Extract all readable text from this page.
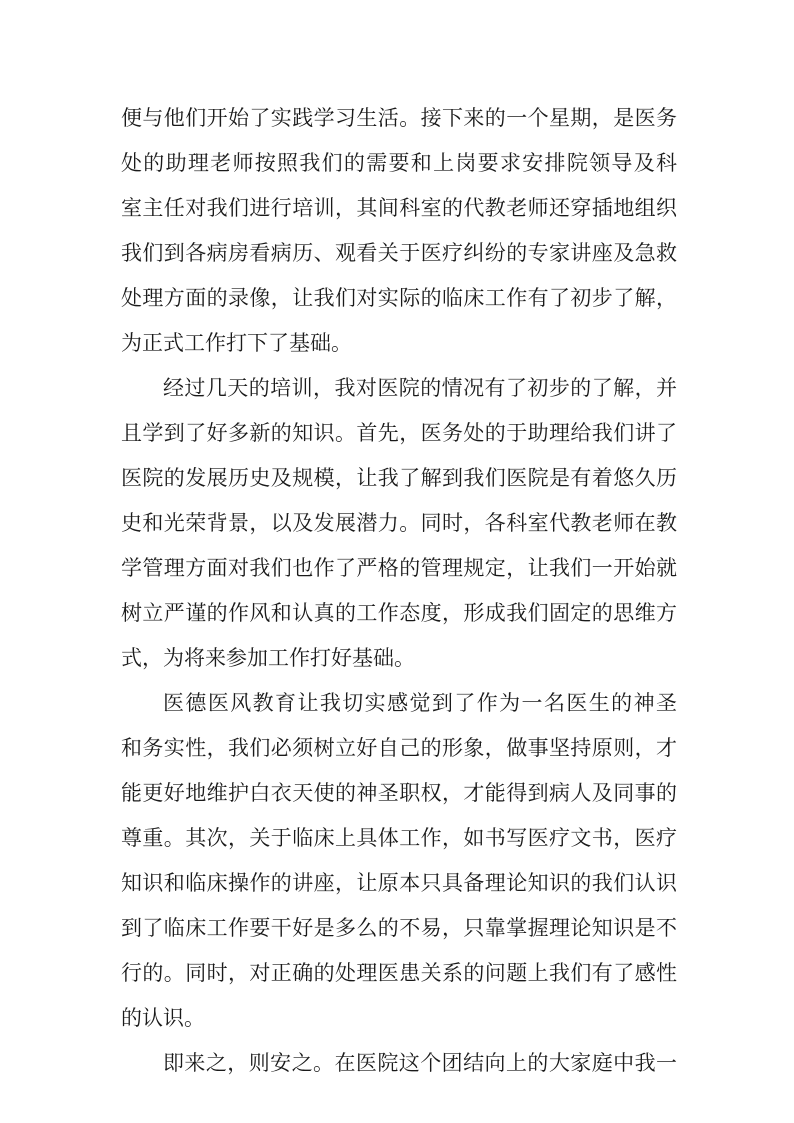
便与他们开始了实践学习生活。接下来的一个星期，是医务
处的助理老师按照我们的需要和上岗要求安排院领导及科
室主任对我们进行培训，其间科室的代教老师还穿插地组织
我们到各病房看病历、观看关于医疗纠纷的专家讲座及急救
处理方面的录像，让我们对实际的临床工作有了初步了解，
为正式工作打下了基础。
经过几天的培训，我对医院的情况有了初步的了解，并
且学到了好多新的知识。首先，医务处的于助理给我们讲了
医院的发展历史及规模，让我了解到我们医院是有着悠久历
史和光荣背景，以及发展潜力。同时，各科室代教老师在教
学管理方面对我们也作了严格的管理规定，让我们一开始就
树立严谨的作风和认真的工作态度，形成我们固定的思维方
式，为将来参加工作打好基础。
医德医风教育让我切实感觉到了作为一名医生的神圣
和务实性，我们必须树立好自己的形象，做事坚持原则，才
能更好地维护白衣天使的神圣职权，才能得到病人及同事的
尊重。其次，关于临床上具体工作，如书写医疗文书，医疗
知识和临床操作的讲座，让原本只具备理论知识的我们认识
到了临床工作要干好是多么的不易，只靠掌握理论知识是不
行的。同时，对正确的处理医患关系的问题上我们有了感性
的认识。
即来之，则安之。在医院这个团结向上的大家庭中我一
